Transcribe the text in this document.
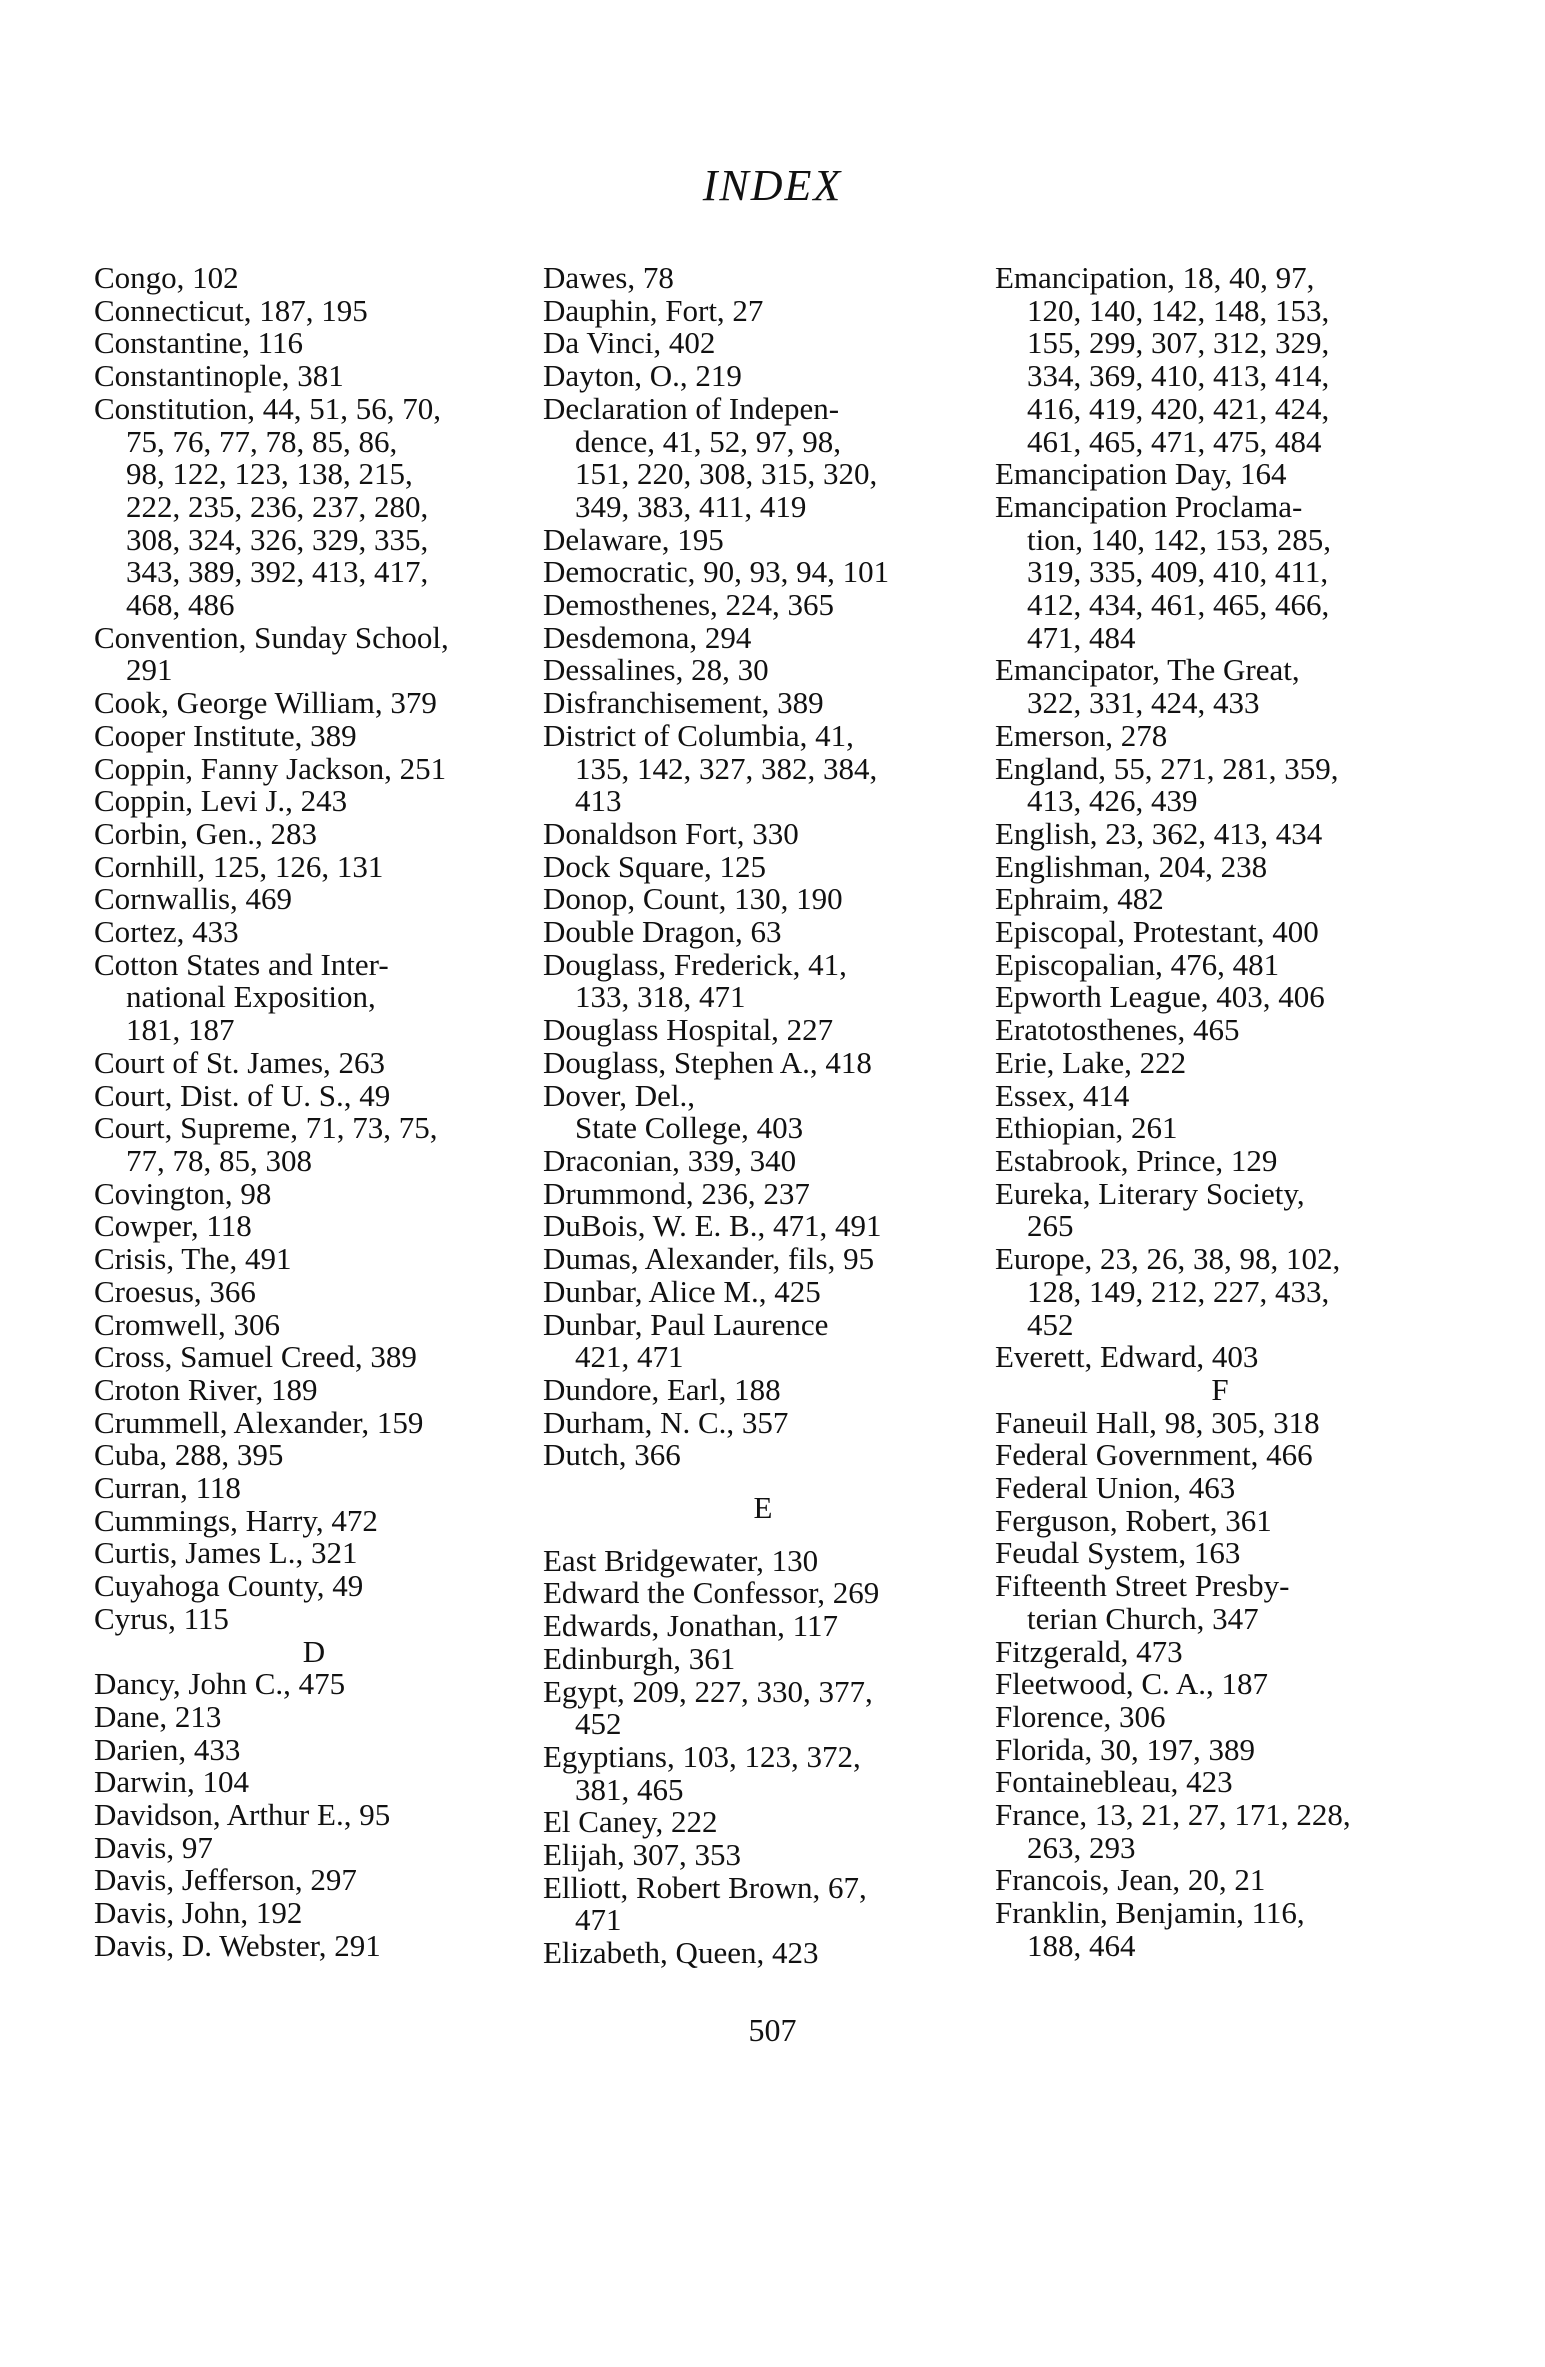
INDEX
Congo, 102
Connecticut, 187, 195
Constantine, 116
Constantinople, 381
Constitution, 44, 51, 56, 70,
75, 76, 77, 78, 85, 86,
98, 122, 123, 138, 215,
222, 235, 236, 237, 280,
308, 324, 326, 329, 335,
343, 389, 392, 413, 417,
468, 486
Convention, Sunday School,
291
Cook, George William, 379
Cooper Institute, 389
Coppin, Fanny Jackson, 251
Coppin, Levi J., 243
Corbin, Gen., 283
Cornhill, 125, 126, 131
Cornwallis, 469
Cortez, 433
Cotton States and Inter-
national Exposition,
181, 187
Court of St. James, 263
Court, Dist. of U. S., 49
Court, Supreme, 71, 73, 75,
77, 78, 85, 308
Covington, 98
Cowper, 118
Crisis, The, 491
Croesus, 366
Cromwell, 306
Cross, Samuel Creed, 389
Croton River, 189
Crummell, Alexander, 159
Cuba, 288, 395
Curran, 118
Cummings, Harry, 472
Curtis, James L., 321
Cuyahoga County, 49
Cyrus, 115
D
Dancy, John C., 475
Dane, 213
Darien, 433
Darwin, 104
Davidson, Arthur E., 95
Davis, 97
Davis, Jefferson, 297
Davis, John, 192
Davis, D. Webster, 291
Dawes, 78
Dauphin, Fort, 27
Da Vinci, 402
Dayton, O., 219
Declaration of Indepen-
dence, 41, 52, 97, 98,
151, 220, 308, 315, 320,
349, 383, 411, 419
Delaware, 195
Democratic, 90, 93, 94, 101
Demosthenes, 224, 365
Desdemona, 294
Dessalines, 28, 30
Disfranchisement, 389
District of Columbia, 41,
135, 142, 327, 382, 384,
413
Donaldson Fort, 330
Dock Square, 125
Donop, Count, 130, 190
Double Dragon, 63
Douglass, Frederick, 41,
133, 318, 471
Douglass Hospital, 227
Douglass, Stephen A., 418
Dover, Del.,
State College, 403
Draconian, 339, 340
Drummond, 236, 237
DuBois, W. E. B., 471, 491
Dumas, Alexander, fils, 95
Dunbar, Alice M., 425
Dunbar, Paul Laurence
421, 471
Dundore, Earl, 188
Durham, N. C., 357
Dutch, 366
E
East Bridgewater, 130
Edward the Confessor, 269
Edwards, Jonathan, 117
Edinburgh, 361
Egypt, 209, 227, 330, 377,
452
Egyptians, 103, 123, 372,
381, 465
El Caney, 222
Elijah, 307, 353
Elliott, Robert Brown, 67,
471
Elizabeth, Queen, 423
Emancipation, 18, 40, 97,
120, 140, 142, 148, 153,
155, 299, 307, 312, 329,
334, 369, 410, 413, 414,
416, 419, 420, 421, 424,
461, 465, 471, 475, 484
Emancipation Day, 164
Emancipation Proclama-
tion, 140, 142, 153, 285,
319, 335, 409, 410, 411,
412, 434, 461, 465, 466,
471, 484
Emancipator, The Great,
322, 331, 424, 433
Emerson, 278
England, 55, 271, 281, 359,
413, 426, 439
English, 23, 362, 413, 434
Englishman, 204, 238
Ephraim, 482
Episcopal, Protestant, 400
Episcopalian, 476, 481
Epworth League, 403, 406
Eratotosthenes, 465
Erie, Lake, 222
Essex, 414
Ethiopian, 261
Estabrook, Prince, 129
Eureka, Literary Society,
265
Europe, 23, 26, 38, 98, 102,
128, 149, 212, 227, 433,
452
Everett, Edward, 403
F
Faneuil Hall, 98, 305, 318
Federal Government, 466
Federal Union, 463
Ferguson, Robert, 361
Feudal System, 163
Fifteenth Street Presby-
terian Church, 347
Fitzgerald, 473
Fleetwood, C. A., 187
Florence, 306
Florida, 30, 197, 389
Fontainebleau, 423
France, 13, 21, 27, 171, 228,
263, 293
Francois, Jean, 20, 21
Franklin, Benjamin, 116,
188, 464
507
